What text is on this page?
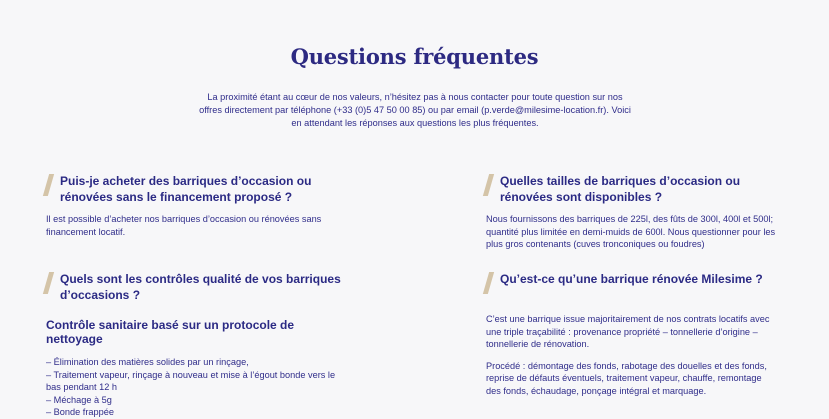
Questions fréquentes
La proximité étant au cœur de nos valeurs, n’hésitez pas à nous contacter pour toute question sur nos offres directement par téléphone (+33 (0)5 47 50 00 85) ou par email (p.verde@milesime-location.fr). Voici en attendant les réponses aux questions les plus fréquentes.
Puis-je acheter des barriques d’occasion ou rénovées sans le financement proposé ?

Il est possible d’acheter nos barriques d’occasion ou rénovées sans financement locatif.

Quelles tailles de barriques d’occasion ou rénovées sont disponibles ?

Nous fournissons des barriques de 225l, des fûts de 300l, 400l et 500l; quantité plus limitée en demi-muids de 600l. Nous questionner pour les plus gros contenants (cuves tronconiques ou foudres)

Quels sont les contrôles qualité de vos barriques d’occasions ?
Contrôle sanitaire basé sur un protocole de nettoyage
– Élimination des matières solides par un rinçage,
– Traitement vapeur, rinçage à nouveau et mise à l’égout bonde vers le bas pendant 12 h
– Méchage à 5g
– Bonde frappée
Qu’est-ce qu’une barrique rénovée Milesime ?

C’est une barrique issue majoritairement de nos contrats locatifs avec une triple traçabilité : provenance propriété – tonnellerie d’origine – tonnellerie de rénovation.

Procédé : démontage des fonds, rabotage des douelles et des fonds, reprise de défauts éventuels, traitement vapeur, chauffe, remontage des fonds, échaudage, ponçage intégral et marquage.
